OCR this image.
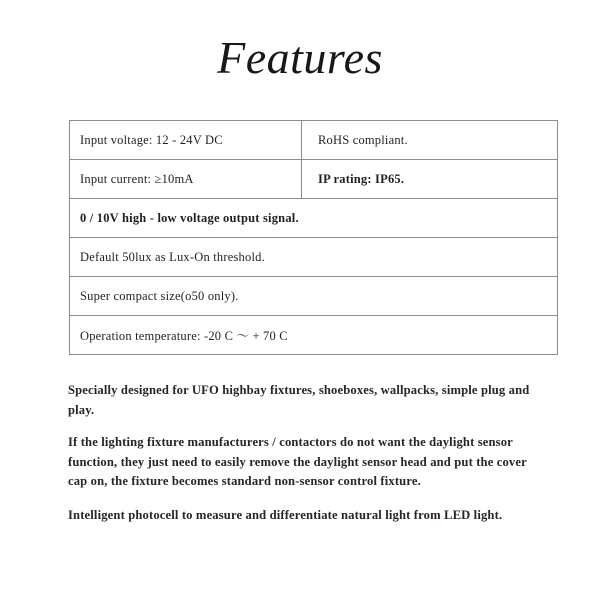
Features
Input voltage: 12 - 24V DC	RoHS compliant.
Input current: ≥10mA	IP rating: IP65.
0 / 10V high - low voltage output signal.	
Default 50lux as Lux-On threshold.	
Super compact size(o50 only).	
Operation temperature: -20 C ～ + 70 C	

Specially designed for UFO highbay fixtures, shoeboxes, wallpacks, simple plug and play.

If the lighting fixture manufacturers / contactors do not want the daylight sensor function, they just need to easily remove the daylight sensor head and put the cover cap on, the fixture becomes standard non-sensor control fixture.

Intelligent photocell to measure and differentiate natural light from LED light.
